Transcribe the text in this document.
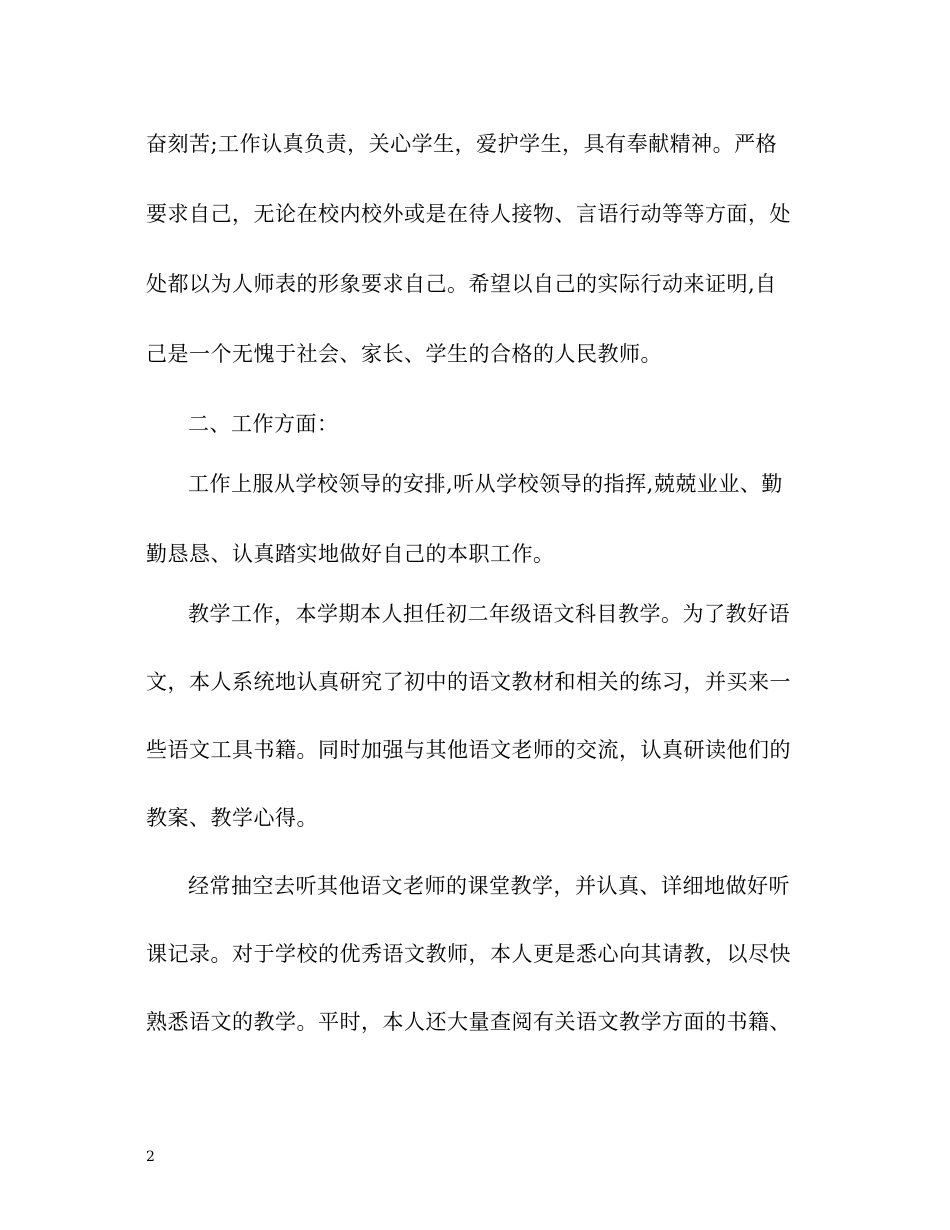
奋刻苦;工作认真负责，关心学生，爱护学生，具有奉献精神。严格
要求自己，无论在校内校外或是在待人接物、言语行动等等方面，处
处都以为人师表的形象要求自己。希望以自己的实际行动来证明,自
己是一个无愧于社会、家长、学生的合格的人民教师。
二、工作方面：
工作上服从学校领导的安排,听从学校领导的指挥,兢兢业业、勤
勤恳恳、认真踏实地做好自己的本职工作。
教学工作，本学期本人担任初二年级语文科目教学。为了教好语
文，本人系统地认真研究了初中的语文教材和相关的练习，并买来一
些语文工具书籍。同时加强与其他语文老师的交流，认真研读他们的
教案、教学心得。
经常抽空去听其他语文老师的课堂教学，并认真、详细地做好听
课记录。对于学校的优秀语文教师，本人更是悉心向其请教，以尽快
熟悉语文的教学。平时，本人还大量查阅有关语文教学方面的书籍、
2
